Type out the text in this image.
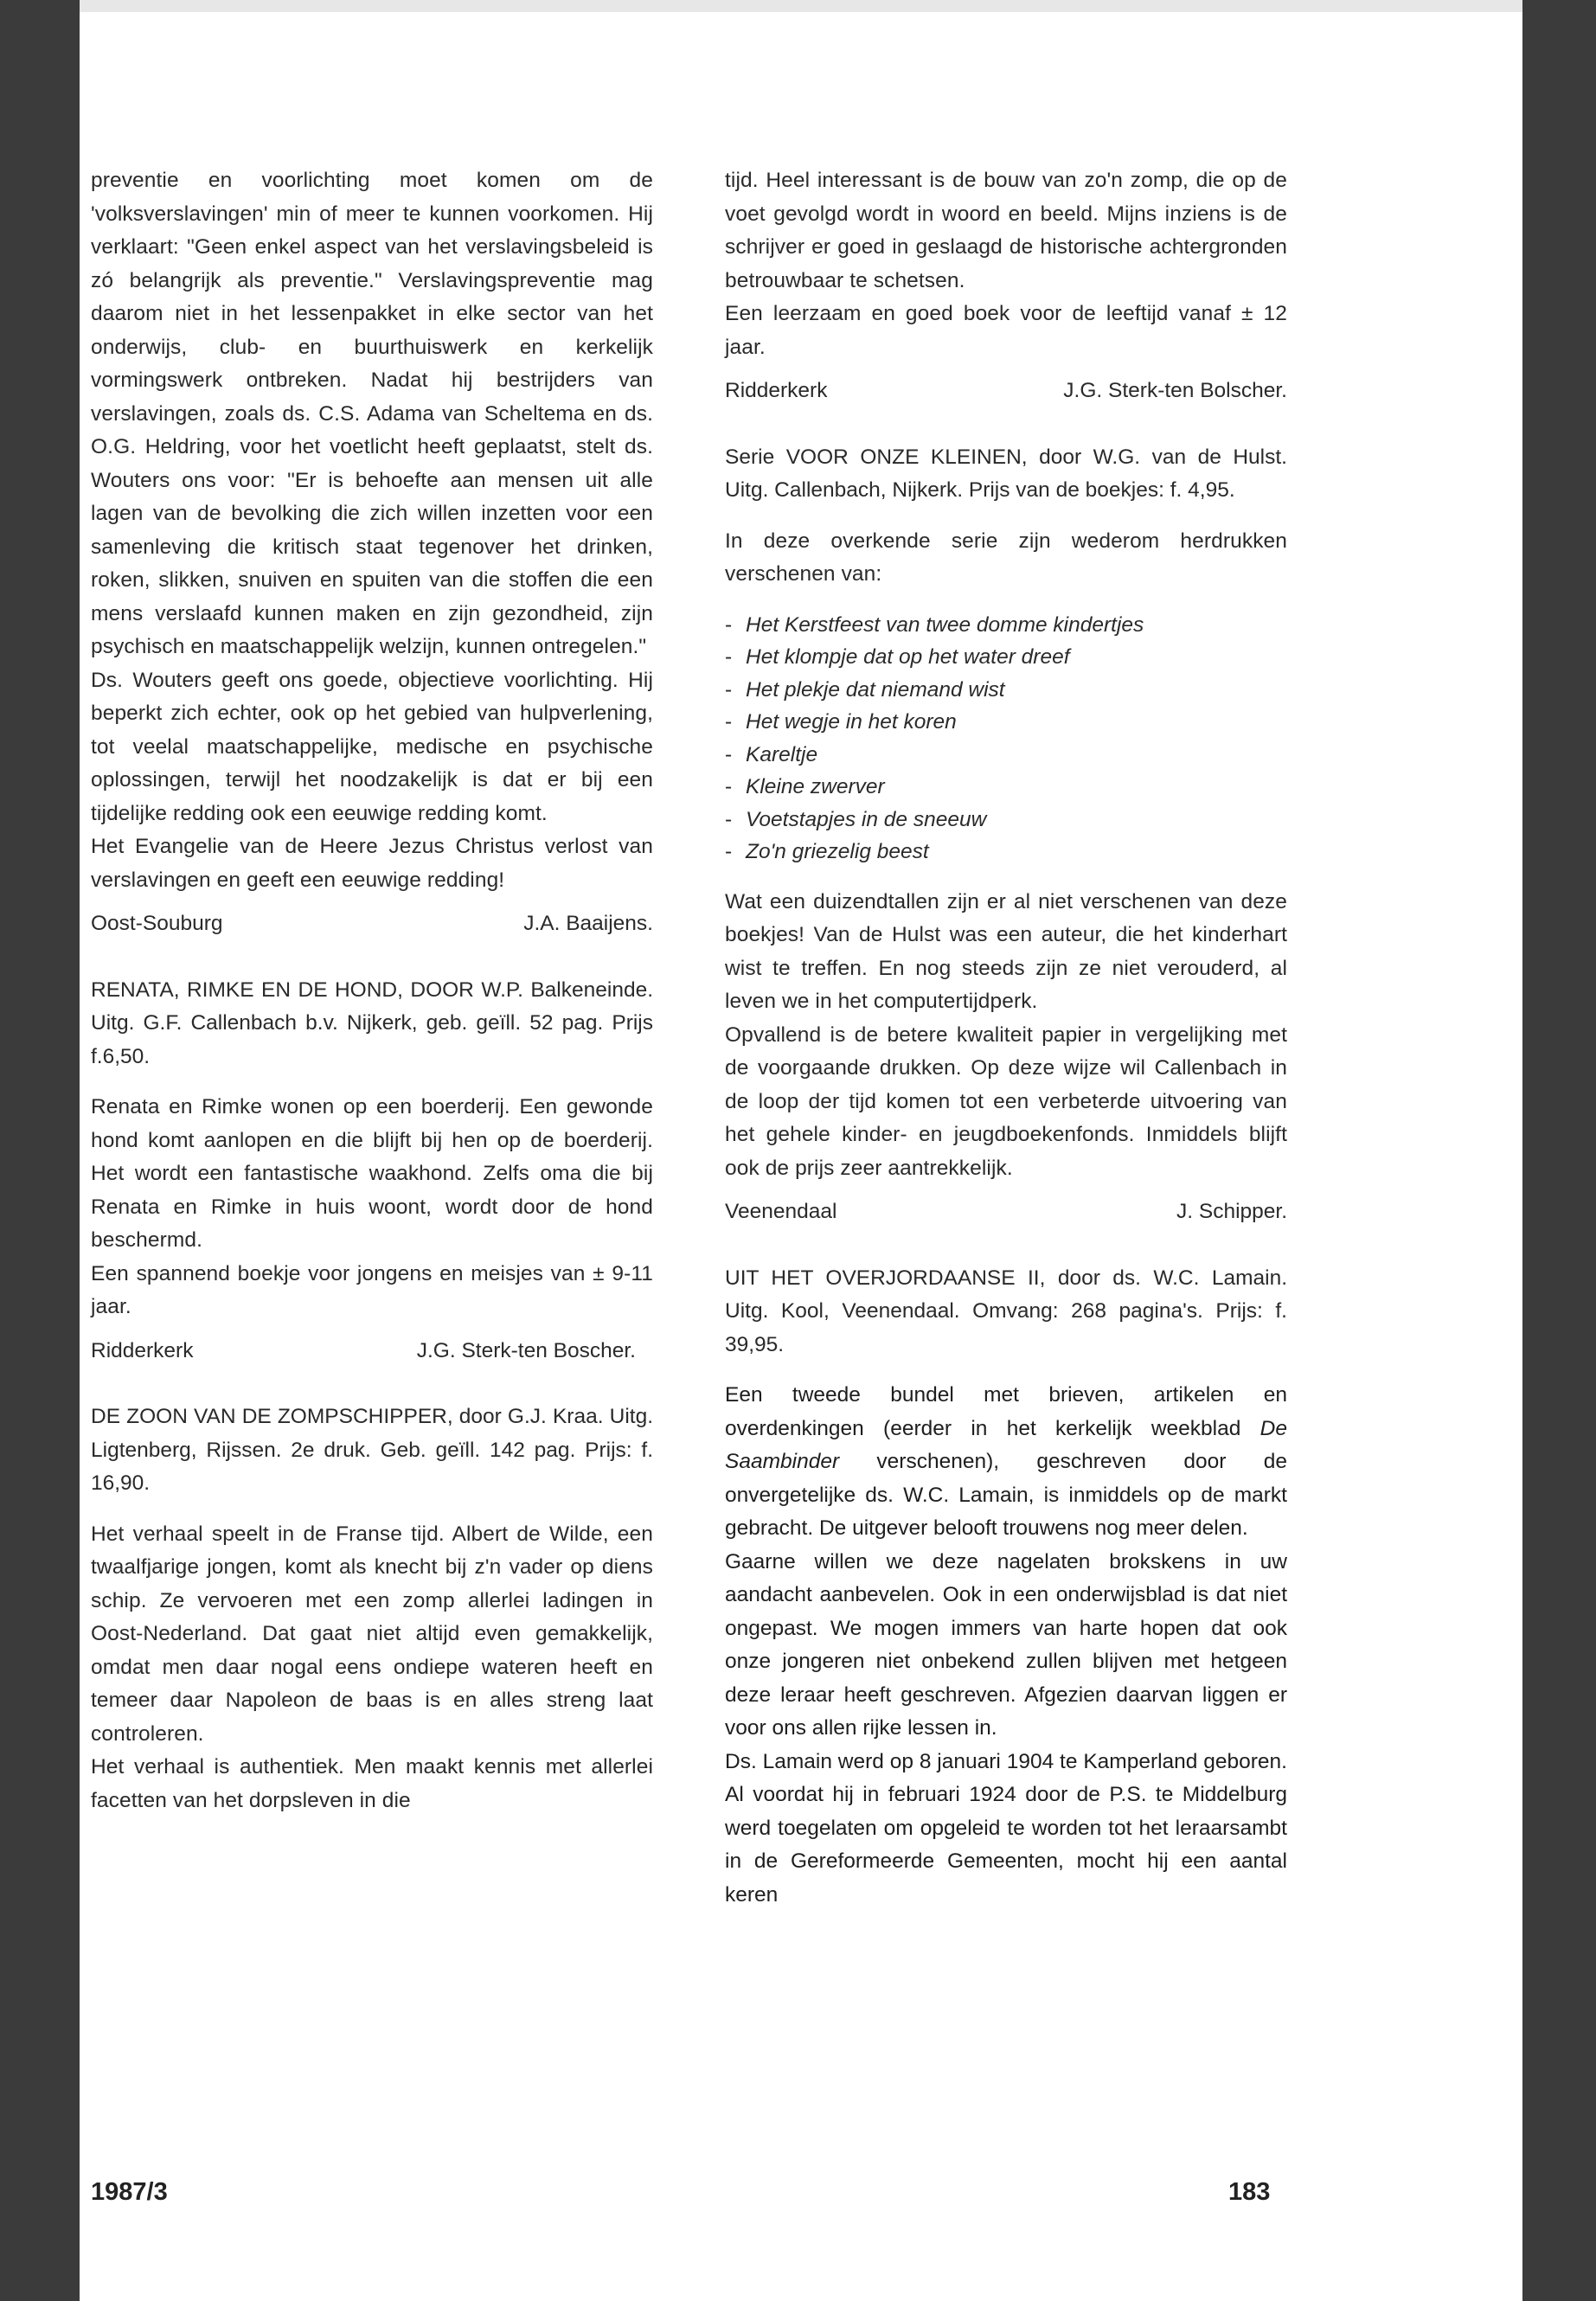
preventie en voorlichting moet komen om de 'volksverslavingen' min of meer te kunnen voorkomen. Hij verklaart: "Geen enkel aspect van het verslavingsbeleid is zó belangrijk als preventie." Verslavingspreventie mag daarom niet in het lessenpakket in elke sector van het onderwijs, club- en buurthuiswerk en kerkelijk vormingswerk ontbreken. Nadat hij bestrijders van verslavingen, zoals ds. C.S. Adama van Scheltema en ds. O.G. Heldring, voor het voetlicht heeft geplaatst, stelt ds. Wouters ons voor: "Er is behoefte aan mensen uit alle lagen van de bevolking die zich willen inzetten voor een samenleving die kritisch staat tegenover het drinken, roken, slikken, snuiven en spuiten van die stoffen die een mens verslaafd kunnen maken en zijn gezondheid, zijn psychisch en maatschappelijk welzijn, kunnen ontregelen."

Ds. Wouters geeft ons goede, objectieve voorlichting. Hij beperkt zich echter, ook op het gebied van hulpverlening, tot veelal maatschappelijke, medische en psychische oplossingen, terwijl het noodzakelijk is dat er bij een tijdelijke redding ook een eeuwige redding komt.

Het Evangelie van de Heere Jezus Christus verlost van verslavingen en geeft een eeuwige redding!

Oost-Souburg	J.A. Baaijens.

RENATA, RIMKE EN DE HOND, DOOR W.P. Balkeneinde. Uitg. G.F. Callenbach b.v. Nijkerk, geb. geïll. 52 pag. Prijs f.6,50.

Renata en Rimke wonen op een boerderij. Een gewonde hond komt aanlopen en die blijft bij hen op de boerderij. Het wordt een fantastische waakhond. Zelfs oma die bij Renata en Rimke in huis woont, wordt door de hond beschermd.

Een spannend boekje voor jongens en meisjes van ± 9-11 jaar.

Ridderkerk	J.G. Sterk-ten Boscher.

DE ZOON VAN DE ZOMPSCHIPPER, door G.J. Kraa. Uitg. Ligtenberg, Rijssen. 2e druk. Geb. geïll. 142 pag. Prijs: f. 16,90.

Het verhaal speelt in de Franse tijd. Albert de Wilde, een twaalfjarige jongen, komt als knecht bij z'n vader op diens schip. Ze vervoeren met een zomp allerlei ladingen in Oost-Nederland. Dat gaat niet altijd even gemakkelijk, omdat men daar nogal eens ondiepe wateren heeft en temeer daar Napoleon de baas is en alles streng laat controleren.

Het verhaal is authentiek. Men maakt kennis met allerlei facetten van het dorpsleven in die

tijd. Heel interessant is de bouw van zo'n zomp, die op de voet gevolgd wordt in woord en beeld. Mijns inziens is de schrijver er goed in geslaagd de historische achtergronden betrouwbaar te schetsen.

Een leerzaam en goed boek voor de leeftijd vanaf ± 12 jaar.

Ridderkerk	J.G. Sterk-ten Bolscher.

Serie VOOR ONZE KLEINEN, door W.G. van de Hulst. Uitg. Callenbach, Nijkerk. Prijs van de boekjes: f. 4,95.

In deze overkende serie zijn wederom herdrukken verschenen van:

- Het Kerstfeest van twee domme kindertjes
- Het klompje dat op het water dreef
- Het plekje dat niemand wist
- Het wegje in het koren
- Kareltje
- Kleine zwerver
- Voetstapjes in de sneeuw
- Zo'n griezelig beest

Wat een duizendtallen zijn er al niet verschenen van deze boekjes! Van de Hulst was een auteur, die het kinderhart wist te treffen. En nog steeds zijn ze niet verouderd, al leven we in het computertijdperk.

Opvallend is de betere kwaliteit papier in vergelijking met de voorgaande drukken. Op deze wijze wil Callenbach in de loop der tijd komen tot een verbeterde uitvoering van het gehele kinder- en jeugdboekenfonds. Inmiddels blijft ook de prijs zeer aantrekkelijk.

Veenendaal	J. Schipper.

UIT HET OVERJORDAANSE II, door ds. W.C. Lamain. Uitg. Kool, Veenendaal. Omvang: 268 pagina's. Prijs: f. 39,95.

Een tweede bundel met brieven, artikelen en overdenkingen (eerder in het kerkelijk weekblad De Saambinder verschenen), geschreven door de onvergetelijke ds. W.C. Lamain, is inmiddels op de markt gebracht. De uitgever belooft trouwens nog meer delen.

Gaarne willen we deze nagelaten brokskens in uw aandacht aanbevelen. Ook in een onderwijsblad is dat niet ongepast. We mogen immers van harte hopen dat ook onze jongeren niet onbekend zullen blijven met hetgeen deze leraar heeft geschreven. Afgezien daarvan liggen er voor ons allen rijke lessen in.

Ds. Lamain werd op 8 januari 1904 te Kamperland geboren. Al voordat hij in februari 1924 door de P.S. te Middelburg werd toegelaten om opgeleid te worden tot het leraarsambt in de Gereformeerde Gemeenten, mocht hij een aantal keren

1987/3	183
